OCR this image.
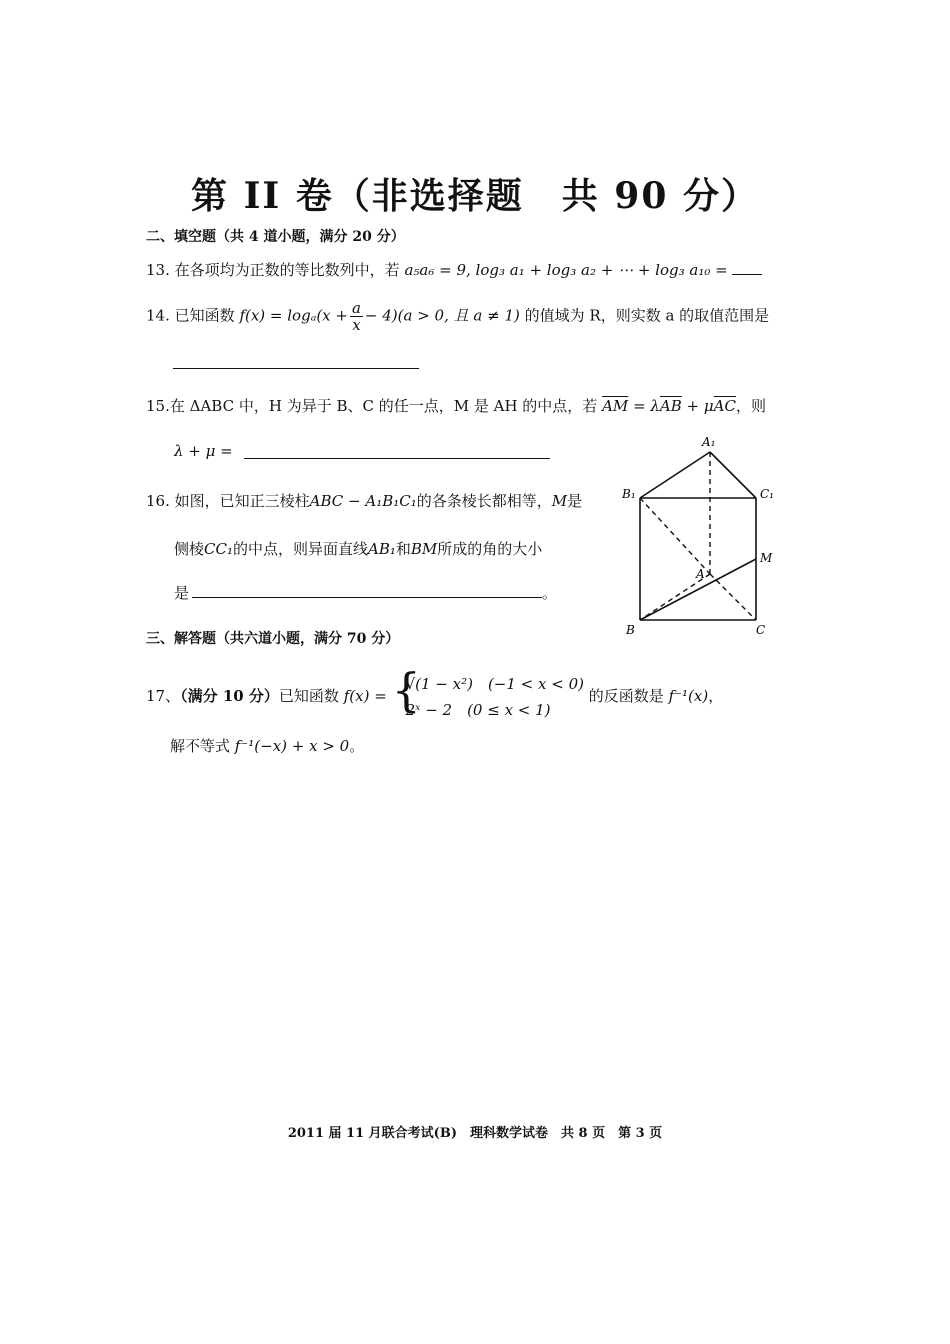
第 II 卷（非选择题　共 90 分）
二、填空题（共 4 道小题，满分 20 分）
13. 在各项均为正数的等比数列中，若 a₅a₆ = 9, log₃ a₁ + log₃ a₂ + ⋯ + log₃ a₁₀ =
14. 已知函数 $f(x) = \log_a(x + \frac{a}{x} - 4)(a > 0$, 且 a ≠ 1) 的值域为 R，则实数 a 的取值范围是
15.在 ΔABC 中，H 为异于 B、C 的任一点，M 是 AH 的中点，若 $\overline{AM} = \lambda\overline{AB} + \mu\overline{AC}$，则
λ + μ =
16. 如图，已知正三棱柱ABC − A₁B₁C₁的各条棱长都相等，M是
侧棱CC₁的中点，则异面直线AB₁和BM所成的角的大小
是	。
A₁
B₁	C₁
A
M
B	C
三、解答题（共六道小题，满分 70 分）
17、（满分 10 分）已知函数 f(x) = {
√(1 − x²)　(−1 < x < 0)
2ˣ − 2　(0 ≤ x < 1)
的反函数是 f⁻¹(x)，
解不等式 f⁻¹(−x) + x > 0。
2011 届 11 月联合考试(B)　理科数学试卷　共 8 页　第 3 页
